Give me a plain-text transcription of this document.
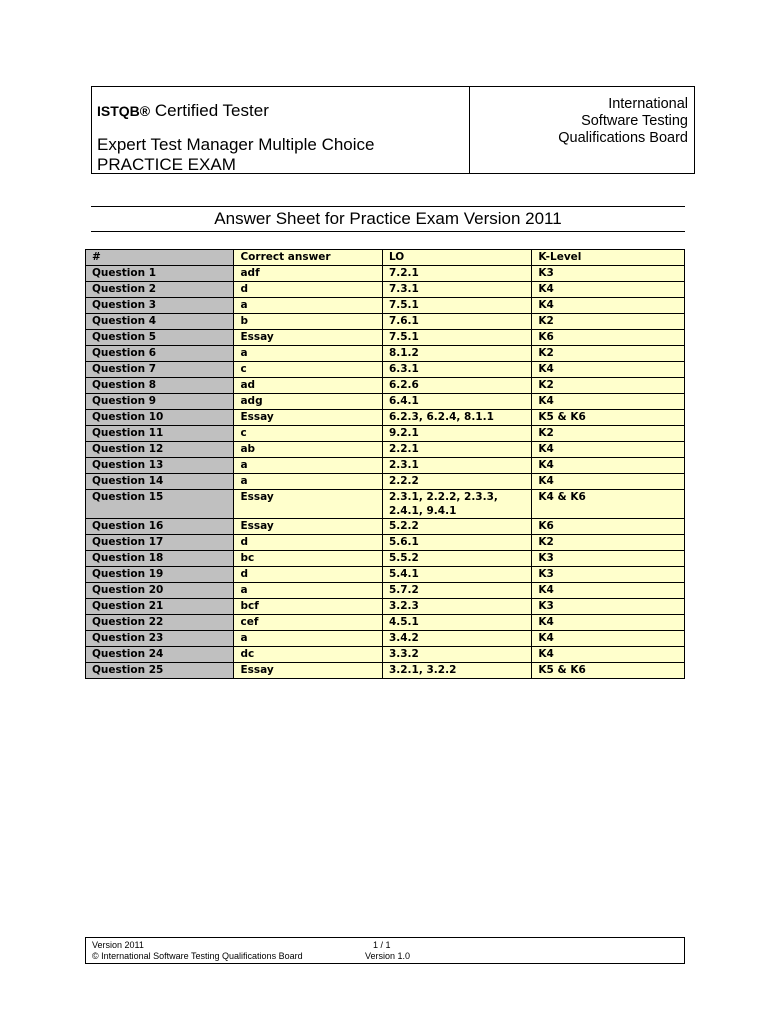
ISTQB® Certified Tester
Expert Test Manager Multiple Choice
PRACTICE EXAM
International
Software Testing
Qualifications Board
Answer Sheet for Practice Exam Version 2011
#	Correct answer	LO	K-Level
Question 1	adf	7.2.1	K3
Question 2	d	7.3.1	K4
Question 3	a	7.5.1	K4
Question 4	b	7.6.1	K2
Question 5	Essay	7.5.1	K6
Question 6	a	8.1.2	K2
Question 7	c	6.3.1	K4
Question 8	ad	6.2.6	K2
Question 9	adg	6.4.1	K4
Question 10	Essay	6.2.3, 6.2.4, 8.1.1	K5 & K6
Question 11	c	9.2.1	K2
Question 12	ab	2.2.1	K4
Question 13	a	2.3.1	K4
Question 14	a	2.2.2	K4
Question 15	Essay	2.3.1, 2.2.2, 2.3.3,
2.4.1, 9.4.1	K4 & K6
Question 16	Essay	5.2.2	K6
Question 17	d	5.6.1	K2
Question 18	bc	5.5.2	K3
Question 19	d	5.4.1	K3
Question 20	a	5.7.2	K4
Question 21	bcf	3.2.3	K3
Question 22	cef	4.5.1	K4
Question 23	a	3.4.2	K4
Question 24	dc	3.3.2	K4
Question 25	Essay	3.2.1, 3.2.2	K5 & K6
Version 2011
© International Software Testing Qualifications Board
1 / 1
Version 1.0
